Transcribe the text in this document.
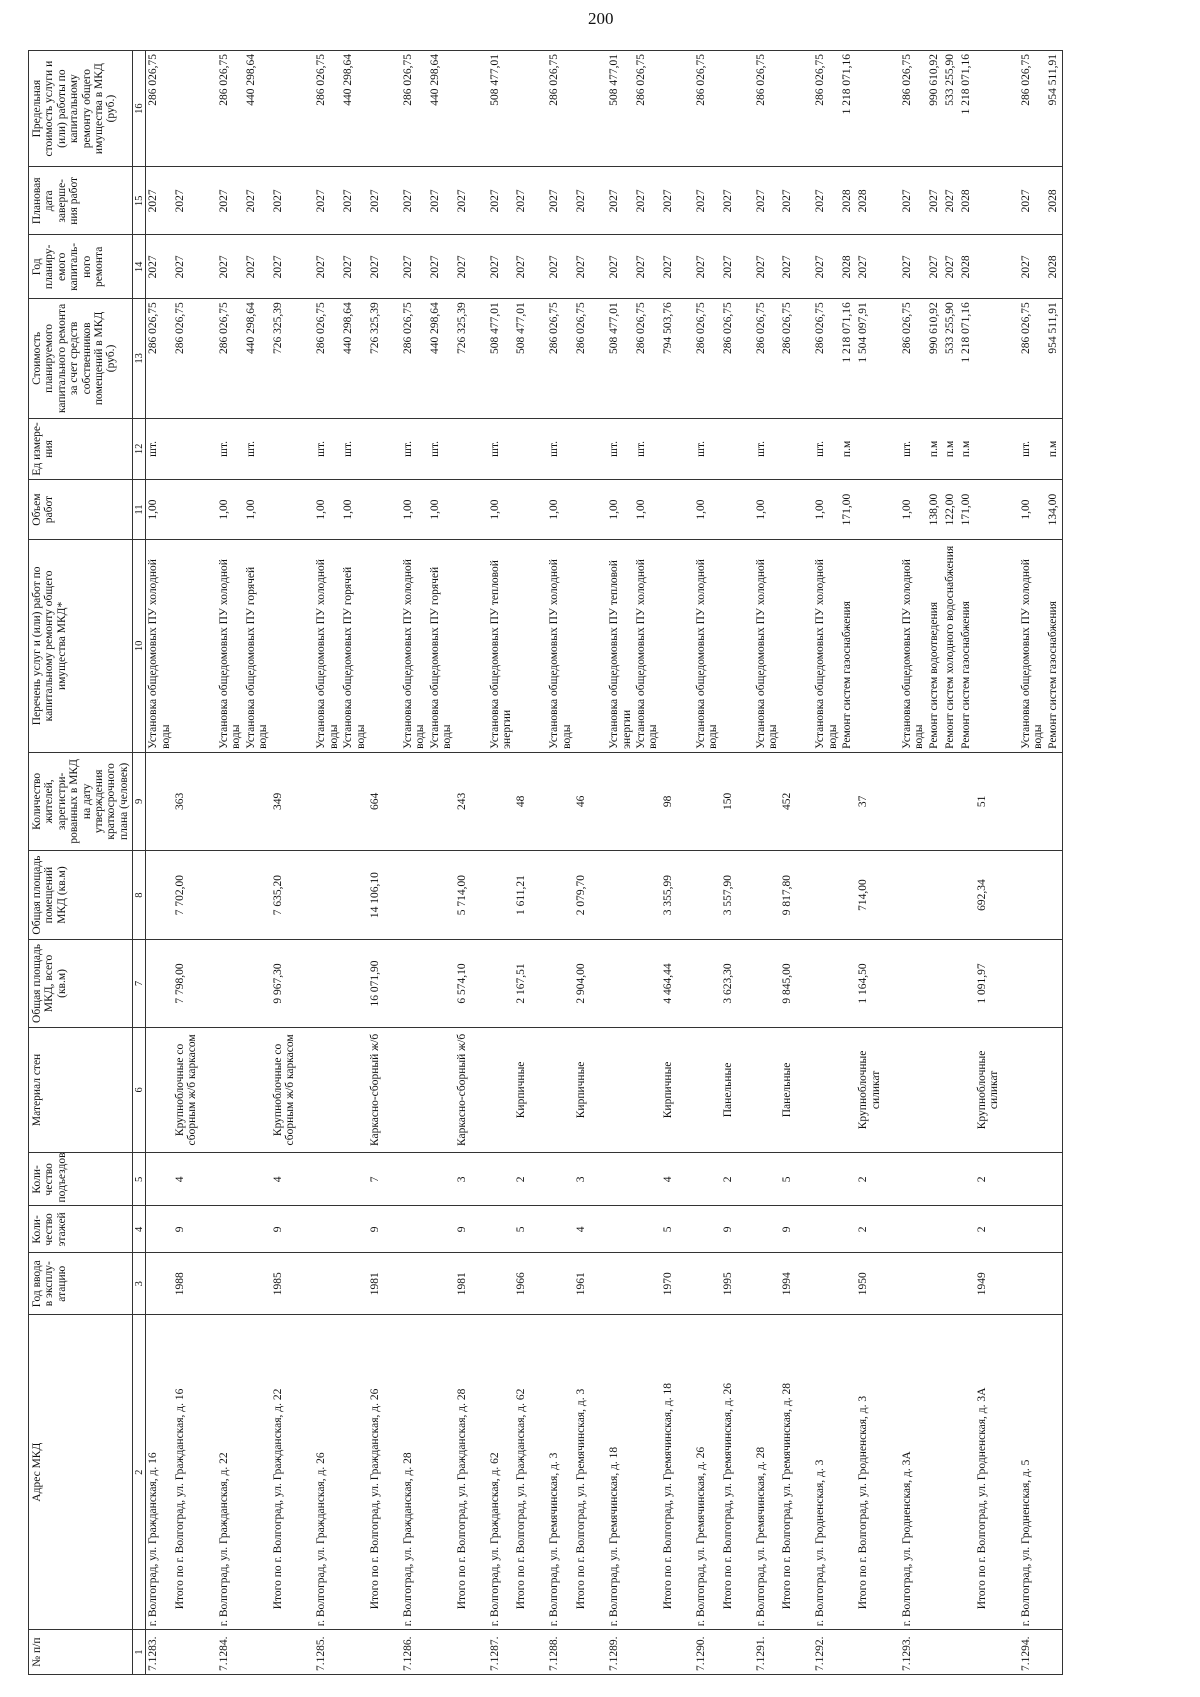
200
№ п/п	Адрес МКД	Год ввода в эксплу-атацию	Коли-чество этажей	Коли-чество подъездов	Материал стен	Общая площадь МКД, всего (кв.м)	Общая площадь помещений МКД (кв.м)	Количество жителей, зарегистри-рованных в МКД на дату утверждения краткосрочного плана (человек)	Перечень услуг и (или) работ по капитальному ремонту общего имущества МКД*	Объем работ	Ед измере-ния	Стоимость планируемого капитального ремонта за счет средств собственников помещений в МКД (руб.)	Год планиру-емого капиталь-ного ремонта	Плановая дата заверше-ния работ	Предельная стоимость услуги и (или) работы по капитальному ремонту общего имущества в МКД (руб.)
1	2	3	4	5	6	7	8	9	10	11	12	13	14	15	16
7.1283.	г. Волгоград, ул. Гражданская, д. 16								Установка общедомовых ПУ холодной воды	1,00	шт.	286 026,75	2027	2027	286 026,75
	Итого по г. Волгоград, ул. Гражданская, д. 16	1988	9	4	Крупноблочные со сборным ж/б каркасом	7 798,00	7 702,00	363				286 026,75	2027	2027	
7.1284.	г. Волгоград, ул. Гражданская, д. 22								Установка общедомовых ПУ холодной воды	1,00	шт.	286 026,75	2027	2027	286 026,75
									Установка общедомовых ПУ горячей воды	1,00	шт.	440 298,64	2027	2027	440 298,64
	Итого по г. Волгоград, ул. Гражданская, д. 22	1985	9	4	Крупноблочные со сборным ж/б каркасом	9 967,30	7 635,20	349				726 325,39	2027	2027	
7.1285.	г. Волгоград, ул. Гражданская, д. 26								Установка общедомовых ПУ холодной воды	1,00	шт.	286 026,75	2027	2027	286 026,75
									Установка общедомовых ПУ горячей воды	1,00	шт.	440 298,64	2027	2027	440 298,64
	Итого по г. Волгоград, ул. Гражданская, д. 26	1981	9	7	Каркасно-сборный ж/б	16 071,90	14 106,10	664				726 325,39	2027	2027	
7.1286.	г. Волгоград, ул. Гражданская, д. 28								Установка общедомовых ПУ холодной воды	1,00	шт.	286 026,75	2027	2027	286 026,75
									Установка общедомовых ПУ горячей воды	1,00	шт.	440 298,64	2027	2027	440 298,64
	Итого по г. Волгоград, ул. Гражданская, д. 28	1981	9	3	Каркасно-сборный ж/б	6 574,10	5 714,00	243				726 325,39	2027	2027	
7.1287.	г. Волгоград, ул. Гражданская, д. 62								Установка общедомовых ПУ тепловой энергии	1,00	шт.	508 477,01	2027	2027	508 477,01
	Итого по г. Волгоград, ул. Гражданская, д. 62	1966	5	2	Кирпичные	2 167,51	1 611,21	48				508 477,01	2027	2027	
7.1288.	г. Волгоград, ул. Гремячинская, д. 3								Установка общедомовых ПУ холодной воды	1,00	шт.	286 026,75	2027	2027	286 026,75
	Итого по г. Волгоград, ул. Гремячинская, д. 3	1961	4	3	Кирпичные	2 904,00	2 079,70	46				286 026,75	2027	2027	
7.1289.	г. Волгоград, ул. Гремячинская, д. 18								Установка общедомовых ПУ тепловой энергии	1,00	шт.	508 477,01	2027	2027	508 477,01
									Установка общедомовых ПУ холодной воды	1,00	шт.	286 026,75	2027	2027	286 026,75
	Итого по г. Волгоград, ул. Гремячинская, д. 18	1970	5	4	Кирпичные	4 464,44	3 355,99	98				794 503,76	2027	2027	
7.1290.	г. Волгоград, ул. Гремячинская, д. 26								Установка общедомовых ПУ холодной воды	1,00	шт.	286 026,75	2027	2027	286 026,75
	Итого по г. Волгоград, ул. Гремячинская, д. 26	1995	9	2	Панельные	3 623,30	3 557,90	150				286 026,75	2027	2027	
7.1291.	г. Волгоград, ул. Гремячинская, д. 28								Установка общедомовых ПУ холодной воды	1,00	шт.	286 026,75	2027	2027	286 026,75
	Итого по г. Волгоград, ул. Гремячинская, д. 28	1994	9	5	Панельные	9 845,00	9 817,80	452				286 026,75	2027	2027	
7.1292.	г. Волгоград, ул. Гродненская, д. 3								Установка общедомовых ПУ холодной воды	1,00	шт.	286 026,75	2027	2027	286 026,75
									Ремонт систем газоснабжения	171,00	п.м	1 218 071,16	2028	2028	1 218 071,16
	Итого по г. Волгоград, ул. Гродненская, д. 3	1950	2	2	Крупноблочные силикат	1 164,50	714,00	37				1 504 097,91	2027	2028	
7.1293.	г. Волгоград, ул. Гродненская, д. 3А								Установка общедомовых ПУ холодной воды	1,00	шт.	286 026,75	2027	2027	286 026,75
									Ремонт систем водоотведения	138,00	п.м	990 610,92	2027	2027	990 610,92
									Ремонт систем холодного водоснабжения	122,00	п.м	533 255,90	2027	2027	533 255,90
									Ремонт систем газоснабжения	171,00	п.м	1 218 071,16	2028	2028	1 218 071,16
	Итого по г. Волгоград, ул. Гродненская, д. 3А	1949	2	2	Крупноблочные силикат	1 091,97	692,34	51							
7.1294.	г. Волгоград, ул. Гродненская, д. 5								Установка общедомовых ПУ холодной воды	1,00	шт.	286 026,75	2027	2027	286 026,75
									Ремонт систем газоснабжения	134,00	п.м	954 511,91	2028	2028	954 511,91
